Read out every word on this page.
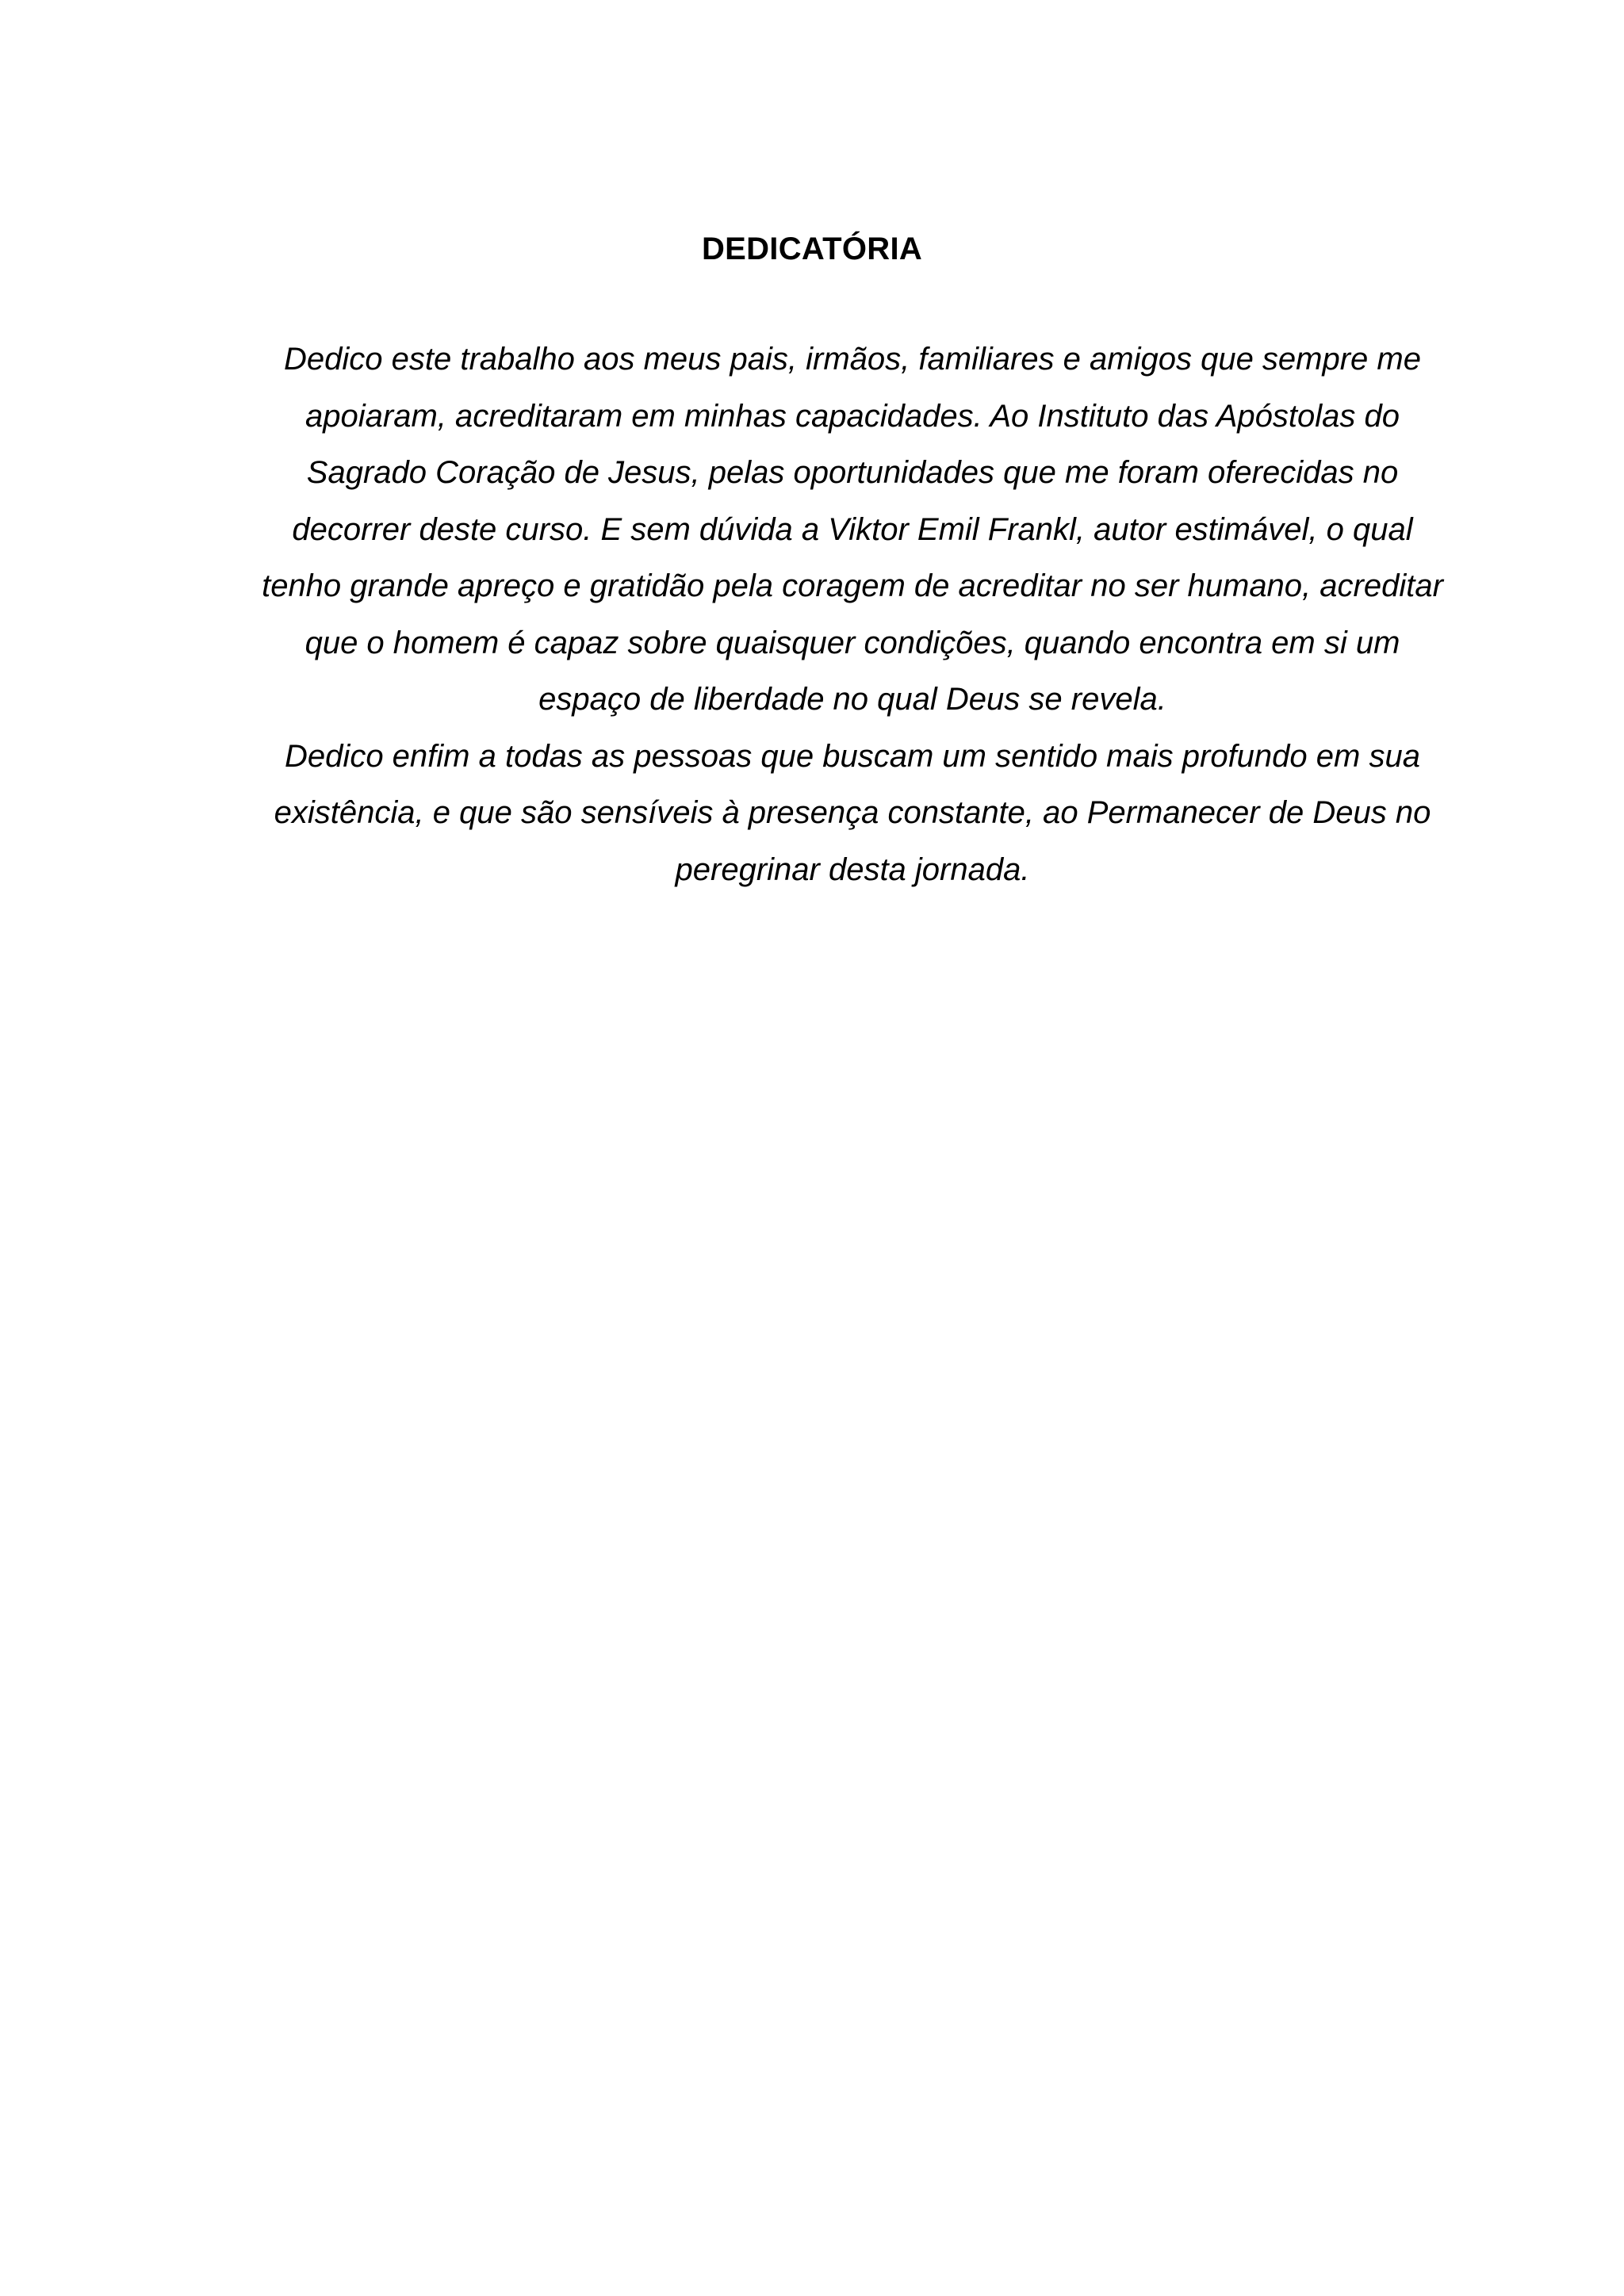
DEDICATÓRIA

Dedico este trabalho aos meus pais, irmãos, familiares e amigos que sempre me
apoiaram, acreditaram em minhas capacidades. Ao Instituto das Apóstolas do
Sagrado Coração de Jesus, pelas oportunidades que me foram oferecidas no
decorrer deste curso. E sem dúvida a Viktor Emil Frankl, autor estimável, o qual
tenho grande apreço e gratidão pela coragem de acreditar no ser humano, acreditar
que o homem é capaz sobre quaisquer condições, quando encontra em si um
espaço de liberdade no qual Deus se revela.
Dedico enfim a todas as pessoas que buscam um sentido mais profundo em sua
existência, e que são sensíveis à presença constante, ao Permanecer de Deus no
peregrinar desta jornada.
